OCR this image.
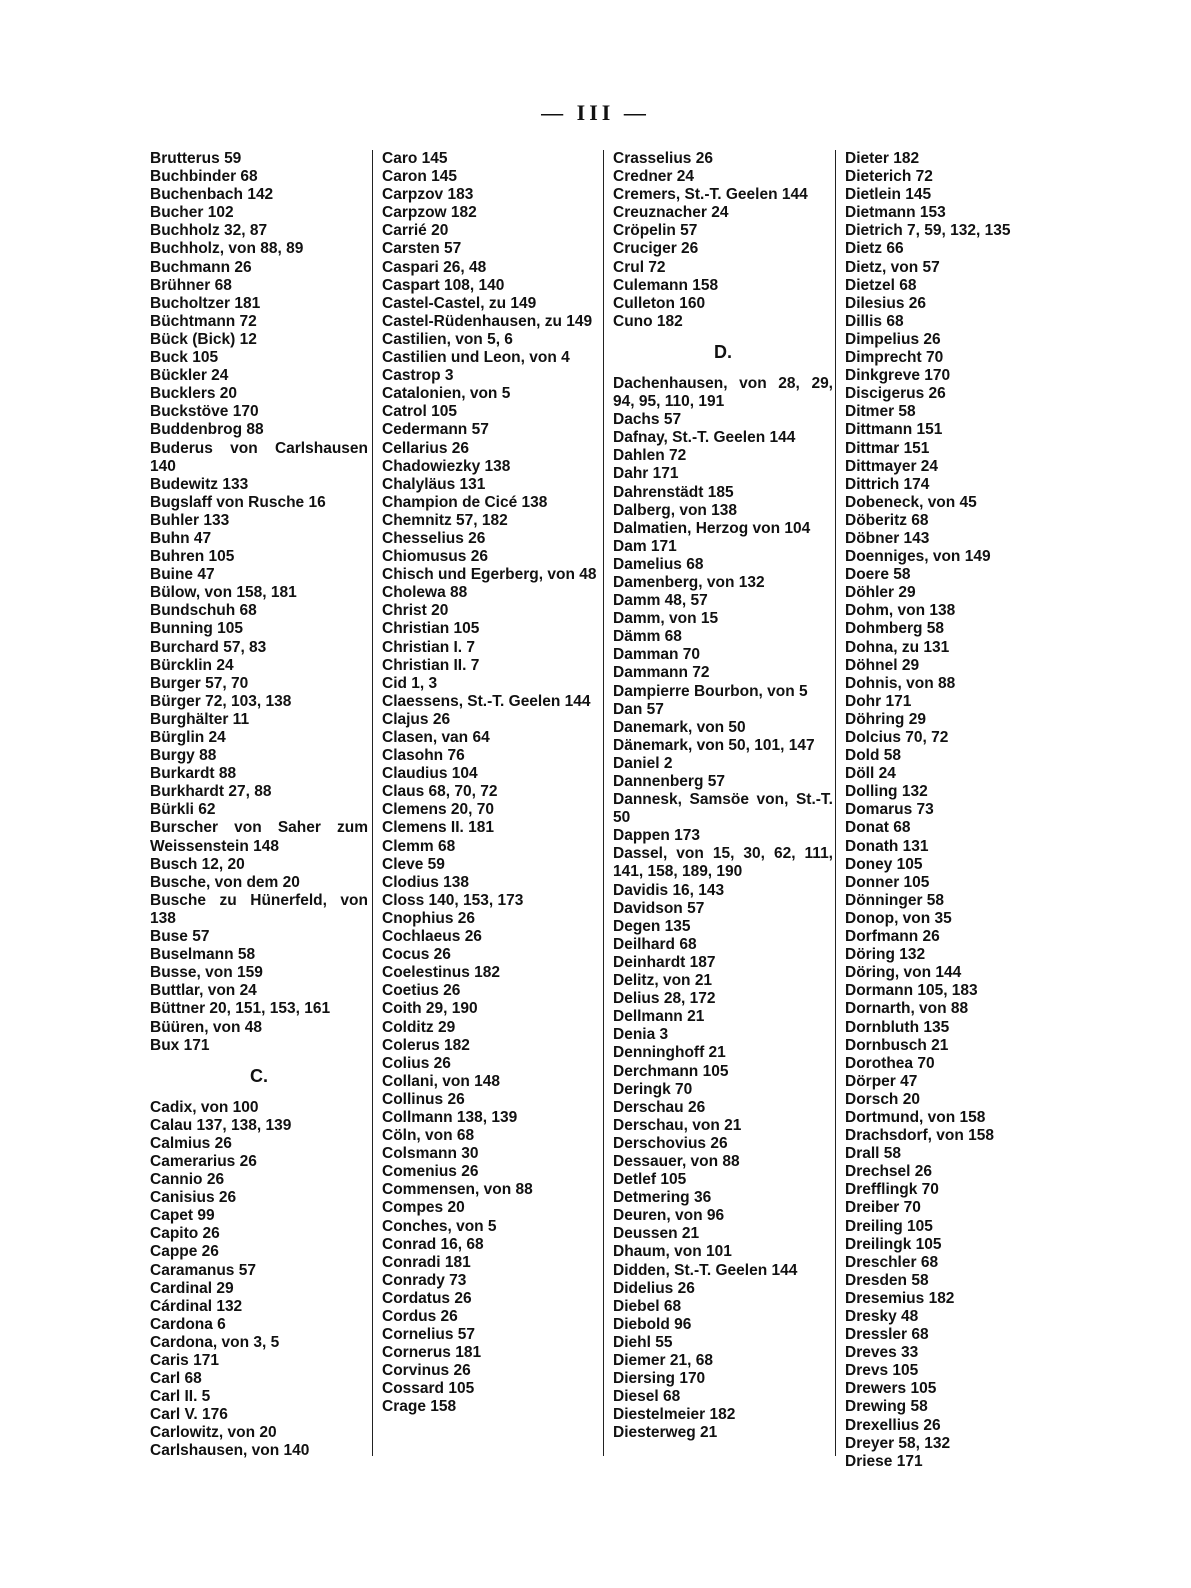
— III —
Brutterus 59
Buchbinder 68
Buchenbach 142
Bucher 102
Buchholz 32, 87
Buchholz, von 88, 89
Buchmann 26
Brühner 68
Bucholtzer 181
Büchtmann 72
Bück (Bick) 12
Buck 105
Bückler 24
Bucklers 20
Buckstöve 170
Buddenbrog 88
Buderus von Carlshausen 140
Budewitz 133
Bugslaff von Rusche 16
Buhler 133
Buhn 47
Buhren 105
Buine 47
Bülow, von 158, 181
Bundschuh 68
Bunning 105
Burchard 57, 83
Bürcklin 24
Burger 57, 70
Bürger 72, 103, 138
Burghälter 11
Bürglin 24
Burgy 88
Burkardt 88
Burkhardt 27, 88
Bürkli 62
Burscher von Saher zum Weissenstein 148
Busch 12, 20
Busche, von dem 20
Busche zu Hünerfeld, von 138
Buse 57
Buselmann 58
Busse, von 159
Buttlar, von 24
Büttner 20, 151, 153, 161
Büüren, von 48
Bux 171
C.
Cadix, von 100
Calau 137, 138, 139
Calmius 26
Camerarius 26
Cannio 26
Canisius 26
Capet 99
Capito 26
Cappe 26
Caramanus 57
Cardinal 29
Cárdinal 132
Cardona 6
Cardona, von 3, 5
Caris 171
Carl 68
Carl II. 5
Carl V. 176
Carlowitz, von 20
Carlshausen, von 140
Caro 145
Caron 145
Carpzov 183
Carpzow 182
Carrié 20
Carsten 57
Caspari 26, 48
Caspart 108, 140
Castel-Castel, zu 149
Castel-Rüdenhausen, zu 149
Castilien, von 5, 6
Castilien und Leon, von 4
Castrop 3
Catalonien, von 5
Catrol 105
Cedermann 57
Cellarius 26
Chadowiezky 138
Chalyläus 131
Champion de Cicé 138
Chemnitz 57, 182
Chesselius 26
Chiomusus 26
Chisch und Egerberg, von 48
Cholewa 88
Christ 20
Christian 105
Christian I. 7
Christian II. 7
Cid 1, 3
Claessens, St.-T. Geelen 144
Clajus 26
Clasen, van 64
Clasohn 76
Claudius 104
Claus 68, 70, 72
Clemens 20, 70
Clemens II. 181
Clemm 68
Cleve 59
Clodius 138
Closs 140, 153, 173
Cnophius 26
Cochlaeus 26
Cocus 26
Coelestinus 182
Coetius 26
Coith 29, 190
Colditz 29
Colerus 182
Colius 26
Collani, von 148
Collinus 26
Collmann 138, 139
Cöln, von 68
Colsmann 30
Comenius 26
Commensen, von 88
Compes 20
Conches, von 5
Conrad 16, 68
Conradi 181
Conrady 73
Cordatus 26
Cordus 26
Cornelius 57
Cornerus 181
Corvinus 26
Cossard 105
Crage 158
Crasselius 26
Credner 24
Cremers, St.-T. Geelen 144
Creuznacher 24
Cröpelin 57
Cruciger 26
Crul 72
Culemann 158
Culleton 160
Cuno 182
D.
Dachenhausen, von 28, 29, 94, 95, 110, 191
Dachs 57
Dafnay, St.-T. Geelen 144
Dahlen 72
Dahr 171
Dahrenstädt 185
Dalberg, von 138
Dalmatien, Herzog von 104
Dam 171
Damelius 68
Damenberg, von 132
Damm 48, 57
Damm, von 15
Dämm 68
Damman 70
Dammann 72
Dampierre Bourbon, von 5
Dan 57
Danemark, von 50
Dänemark, von 50, 101, 147
Daniel 2
Dannenberg 57
Dannesk, Samsöe von, St.-T. 50
Dappen 173
Dassel, von 15, 30, 62, 111, 141, 158, 189, 190
Davidis 16, 143
Davidson 57
Degen 135
Deilhard 68
Deinhardt 187
Delitz, von 21
Delius 28, 172
Dellmann 21
Denia 3
Denninghoff 21
Derchmann 105
Deringk 70
Derschau 26
Derschau, von 21
Derschovius 26
Dessauer, von 88
Detlef 105
Detmering 36
Deuren, von 96
Deussen 21
Dhaum, von 101
Didden, St.-T. Geelen 144
Didelius 26
Diebel 68
Diebold 96
Diehl 55
Diemer 21, 68
Diersing 170
Diesel 68
Diestelmeier 182
Diesterweg 21
Dieter 182
Dieterich 72
Dietlein 145
Dietmann 153
Dietrich 7, 59, 132, 135
Dietz 66
Dietz, von 57
Dietzel 68
Dilesius 26
Dillis 68
Dimpelius 26
Dimprecht 70
Dinkgreve 170
Discigerus 26
Ditmer 58
Dittmann 151
Dittmar 151
Dittmayer 24
Dittrich 174
Dobeneck, von 45
Döberitz 68
Döbner 143
Doenniges, von 149
Doere 58
Döhler 29
Dohm, von 138
Dohmberg 58
Dohna, zu 131
Döhnel 29
Dohnis, von 88
Dohr 171
Döhring 29
Dolcius 70, 72
Dold 58
Döll 24
Dolling 132
Domarus 73
Donat 68
Donath 131
Doney 105
Donner 105
Dönninger 58
Donop, von 35
Dorfmann 26
Döring 132
Döring, von 144
Dormann 105, 183
Dornarth, von 88
Dornbluth 135
Dornbusch 21
Dorothea 70
Dörper 47
Dorsch 20
Dortmund, von 158
Drachsdorf, von 158
Drall 58
Drechsel 26
Drefflingk 70
Dreiber 70
Dreiling 105
Dreilingk 105
Dreschler 68
Dresden 58
Dresemius 182
Dresky 48
Dressler 68
Dreves 33
Drevs 105
Drewers 105
Drewing 58
Drexellius 26
Dreyer 58, 132
Driese 171
